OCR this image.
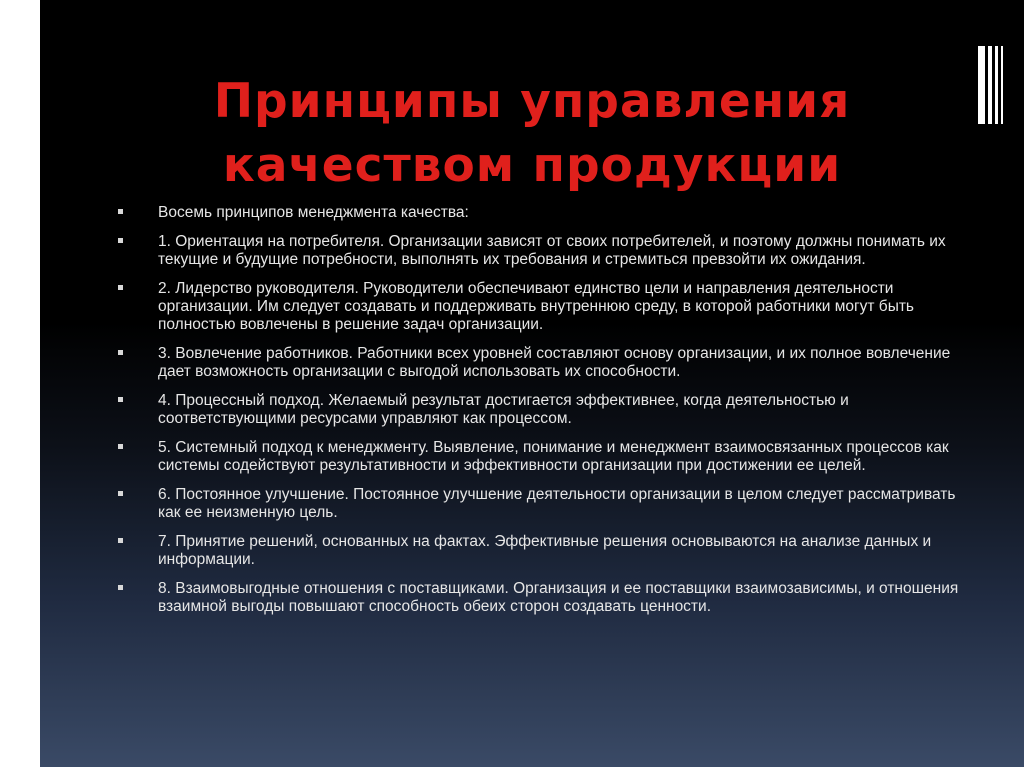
Принципы управления
качеством продукции
Восемь принципов менеджмента качества:
1. Ориентация на потребителя. Организации зависят от своих потребителей, и поэтому должны понимать их текущие и будущие потребности, выполнять их требования и стремиться превзойти их ожидания.
2. Лидерство руководителя. Руководители обеспечивают единство цели и направления деятельности организации. Им следует создавать и поддерживать внутреннюю среду, в которой работники могут быть полностью вовлечены в решение задач организации.
3. Вовлечение работников. Работники всех уровней составляют основу организации, и их полное вовлечение дает возможность организации с выгодой использовать их способности.
4. Процессный подход. Желаемый результат достигается эффективнее, когда деятельностью и соответствующими ресурсами управляют как процессом.
5. Системный подход к менеджменту. Выявление, понимание и менеджмент взаимосвязанных процессов как системы содействуют результативности и эффективности организации при достижении ее целей.
6. Постоянное улучшение. Постоянное улучшение деятельности организации в целом следует рассматривать как ее неизменную цель.
7. Принятие решений, основанных на фактах. Эффективные решения основываются на анализе данных и информации.
8. Взаимовыгодные отношения с поставщиками. Организация и ее поставщики взаимозависимы, и отношения взаимной выгоды повышают способность обеих сторон создавать ценности.
